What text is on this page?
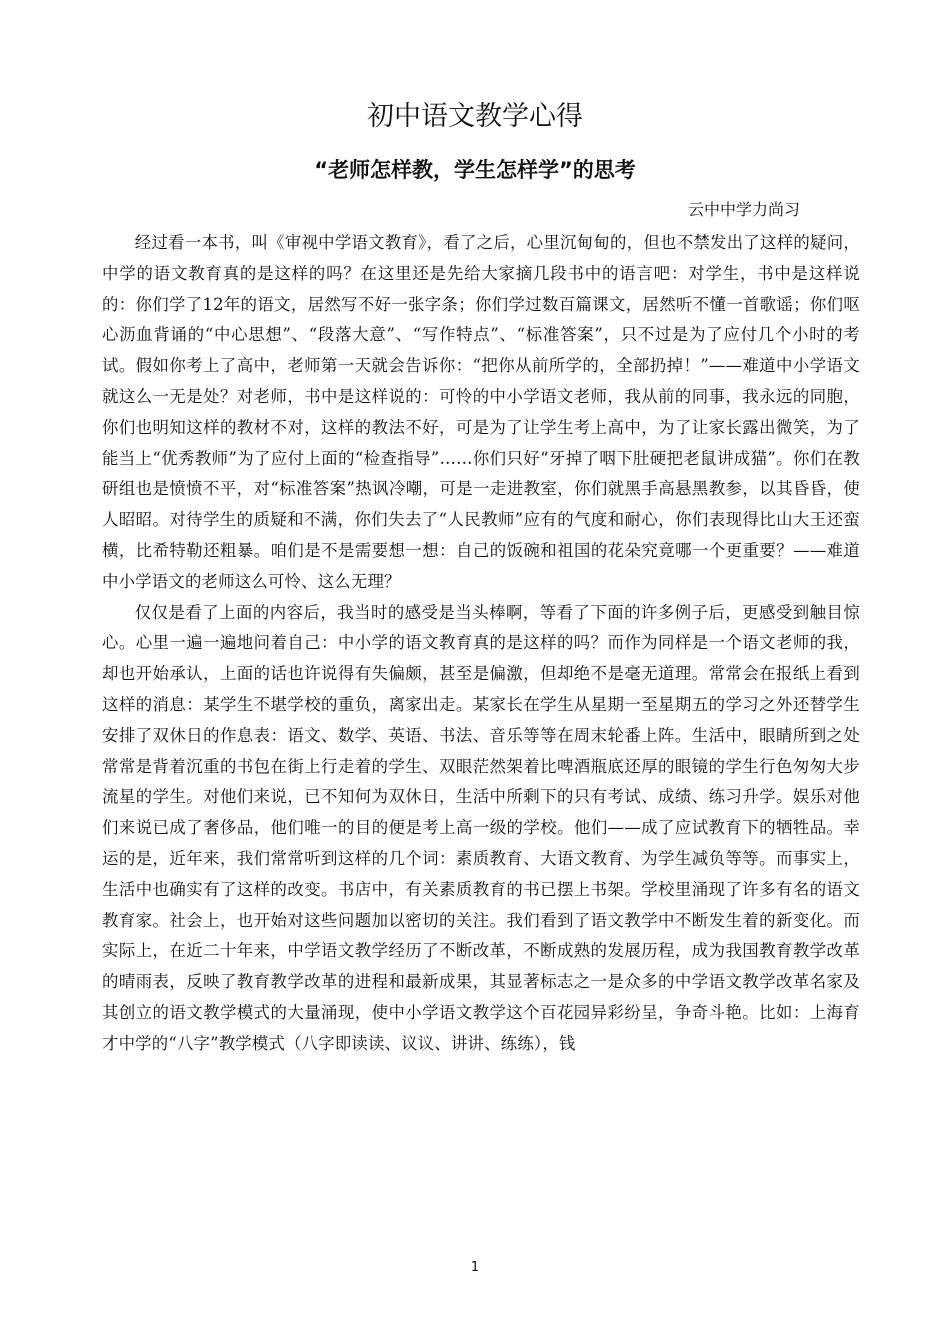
初中语文教学心得
“老师怎样教，学生怎样学”的思考
云中中学力尚习

经过看一本书，叫《审视中学语文教育》，看了之后，心里沉甸甸的，但也不禁发出了这样的疑问，中学的语文教育真的是这样的吗？在这里还是先给大家摘几段书中的语言吧：对学生，书中是这样说的：你们学了12年的语文，居然写不好一张字条；你们学过数百篇课文，居然听不懂一首歌谣；你们呕心沥血背诵的“中心思想”、“段落大意”、“写作特点”、“标准答案”，只不过是为了应付几个小时的考试。假如你考上了高中，老师第一天就会告诉你：“把你从前所学的，全部扔掉！”——难道中小学语文就这么一无是处？对老师，书中是这样说的：可怜的中小学语文老师，我从前的同事，我永远的同胞，你们也明知这样的教材不对，这样的教法不好，可是为了让学生考上高中，为了让家长露出微笑，为了能当上“优秀教师”为了应付上面的“检查指导”……你们只好“牙掉了咽下肚硬把老鼠讲成猫”。你们在教研组也是愤愤不平，对“标准答案”热讽冷嘲，可是一走进教室，你们就黑手高悬黑教参，以其昏昏，使人昭昭。对待学生的质疑和不满，你们失去了“人民教师”应有的气度和耐心，你们表现得比山大王还蛮横，比希特勒还粗暴。咱们是不是需要想一想：自己的饭碗和祖国的花朵究竟哪一个更重要？——难道中小学语文的老师这么可怜、这么无理？

仅仅是看了上面的内容后，我当时的感受是当头棒啊，等看了下面的许多例子后，更感受到触目惊心。心里一遍一遍地问着自己：中小学的语文教育真的是这样的吗？而作为同样是一个语文老师的我，却也开始承认，上面的话也许说得有失偏颇，甚至是偏激，但却绝不是毫无道理。常常会在报纸上看到这样的消息：某学生不堪学校的重负，离家出走。某家长在学生从星期一至星期五的学习之外还替学生安排了双休日的作息表：语文、数学、英语、书法、音乐等等在周末轮番上阵。生活中，眼睛所到之处常常是背着沉重的书包在街上行走着的学生、双眼茫然架着比啤酒瓶底还厚的眼镜的学生行色匆匆大步流星的学生。对他们来说，已不知何为双休日，生活中所剩下的只有考试、成绩、练习升学。娱乐对他们来说已成了奢侈品，他们唯一的目的便是考上高一级的学校。他们——成了应试教育下的牺牲品。幸运的是，近年来，我们常常听到这样的几个词：素质教育、大语文教育、为学生减负等等。而事实上，生活中也确实有了这样的改变。书店中，有关素质教育的书已摆上书架。学校里涌现了许多有名的语文教育家。社会上，也开始对这些问题加以密切的关注。我们看到了语文教学中不断发生着的新变化。而实际上，在近二十年来，中学语文教学经历了不断改革，不断成熟的发展历程，成为我国教育教学改革的晴雨表，反映了教育教学改革的进程和最新成果，其显著标志之一是众多的中学语文教学改革名家及其创立的语文教学模式的大量涌现，使中小学语文教学这个百花园异彩纷呈，争奇斗艳。比如：上海育才中学的“八字”教学模式（八字即读读、议议、讲讲、练练），钱

1
